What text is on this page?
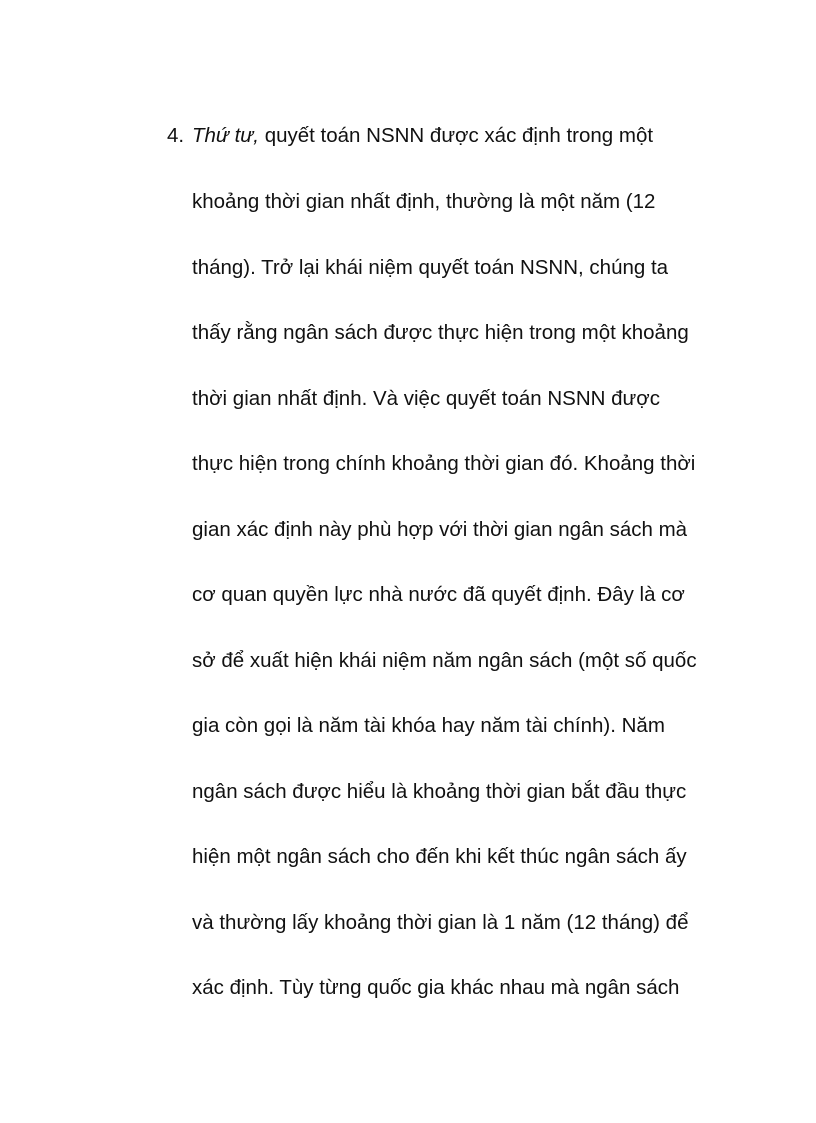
4. Thứ tư, quyết toán NSNN được xác định trong một
khoảng thời gian nhất định, thường là một năm (12
tháng). Trở lại khái niệm quyết toán NSNN, chúng ta
thấy rằng ngân sách được thực hiện trong một khoảng
thời gian nhất định. Và việc quyết toán NSNN được
thực hiện trong chính khoảng thời gian đó. Khoảng thời
gian xác định này phù hợp với thời gian ngân sách mà
cơ quan quyền lực nhà nước đã quyết định. Đây là cơ
sở để xuất hiện khái niệm năm ngân sách (một số quốc
gia còn gọi là năm tài khóa hay năm tài chính). Năm
ngân sách được hiểu là khoảng thời gian bắt đầu thực
hiện một ngân sách cho đến khi kết thúc ngân sách ấy
và thường lấy khoảng thời gian là 1 năm (12 tháng) để
xác định. Tùy từng quốc gia khác nhau mà ngân sách
